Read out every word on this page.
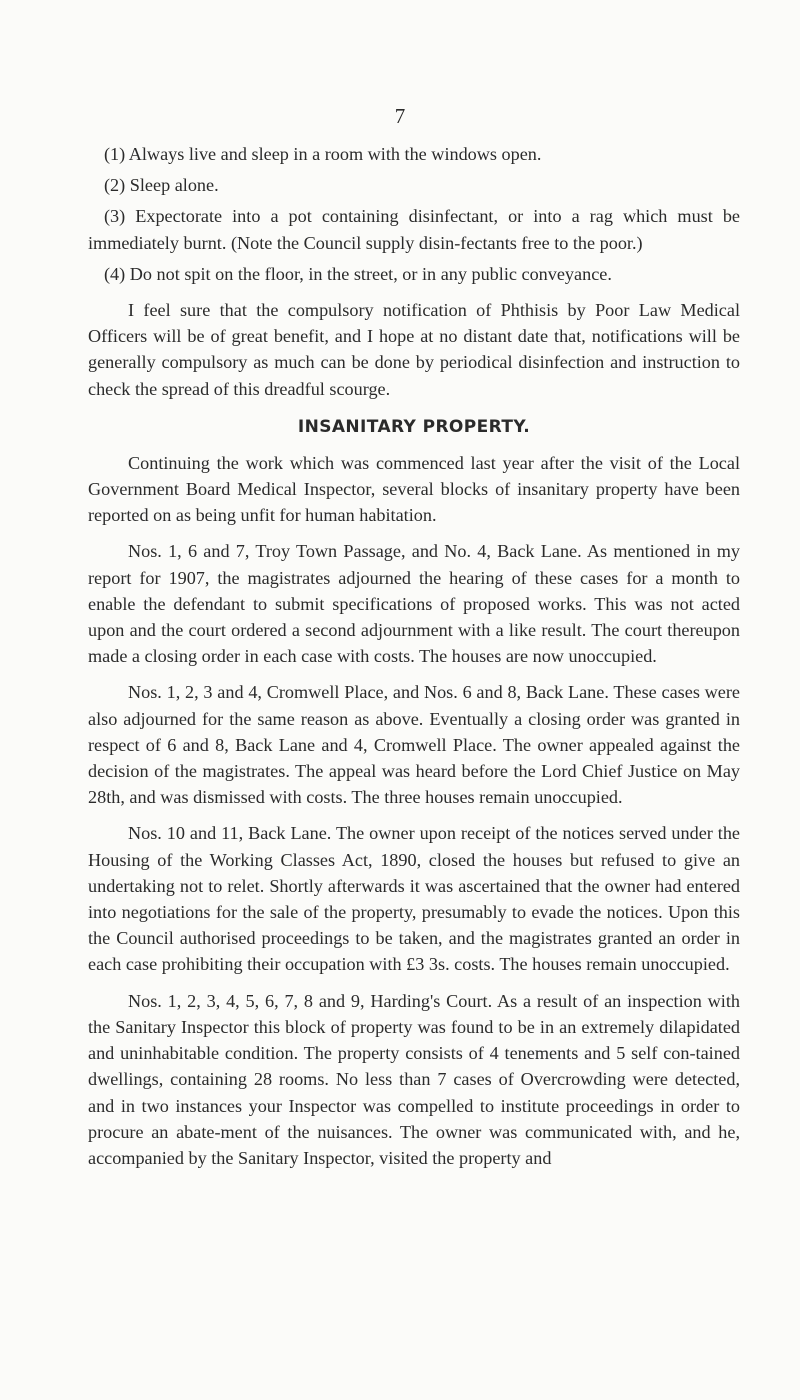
7

(1) Always live and sleep in a room with the windows open.

(2) Sleep alone.

(3) Expectorate into a pot containing disinfectant, or into a rag which must be immediately burnt. (Note the Council supply disin-fectants free to the poor.)

(4) Do not spit on the floor, in the street, or in any public conveyance.

I feel sure that the compulsory notification of Phthisis by Poor Law Medical Officers will be of great benefit, and I hope at no distant date that, notifications will be generally compulsory as much can be done by periodical disinfection and instruction to check the spread of this dreadful scourge.

INSANITARY PROPERTY.

Continuing the work which was commenced last year after the visit of the Local Government Board Medical Inspector, several blocks of insanitary property have been reported on as being unfit for human habitation.

Nos. 1, 6 and 7, Troy Town Passage, and No. 4, Back Lane. As mentioned in my report for 1907, the magistrates adjourned the hearing of these cases for a month to enable the defendant to submit specifications of proposed works. This was not acted upon and the court ordered a second adjournment with a like result. The court thereupon made a closing order in each case with costs. The houses are now unoccupied.

Nos. 1, 2, 3 and 4, Cromwell Place, and Nos. 6 and 8, Back Lane. These cases were also adjourned for the same reason as above. Eventually a closing order was granted in respect of 6 and 8, Back Lane and 4, Cromwell Place. The owner appealed against the decision of the magistrates. The appeal was heard before the Lord Chief Justice on May 28th, and was dismissed with costs. The three houses remain unoccupied.

Nos. 10 and 11, Back Lane. The owner upon receipt of the notices served under the Housing of the Working Classes Act, 1890, closed the houses but refused to give an undertaking not to relet. Shortly afterwards it was ascertained that the owner had entered into negotiations for the sale of the property, presumably to evade the notices. Upon this the Council authorised proceedings to be taken, and the magistrates granted an order in each case prohibiting their occupation with £3 3s. costs. The houses remain unoccupied.

Nos. 1, 2, 3, 4, 5, 6, 7, 8 and 9, Harding's Court. As a result of an inspection with the Sanitary Inspector this block of property was found to be in an extremely dilapidated and uninhabitable condition. The property consists of 4 tenements and 5 self con-tained dwellings, containing 28 rooms. No less than 7 cases of Overcrowding were detected, and in two instances your Inspector was compelled to institute proceedings in order to procure an abate-ment of the nuisances. The owner was communicated with, and he, accompanied by the Sanitary Inspector, visited the property and
